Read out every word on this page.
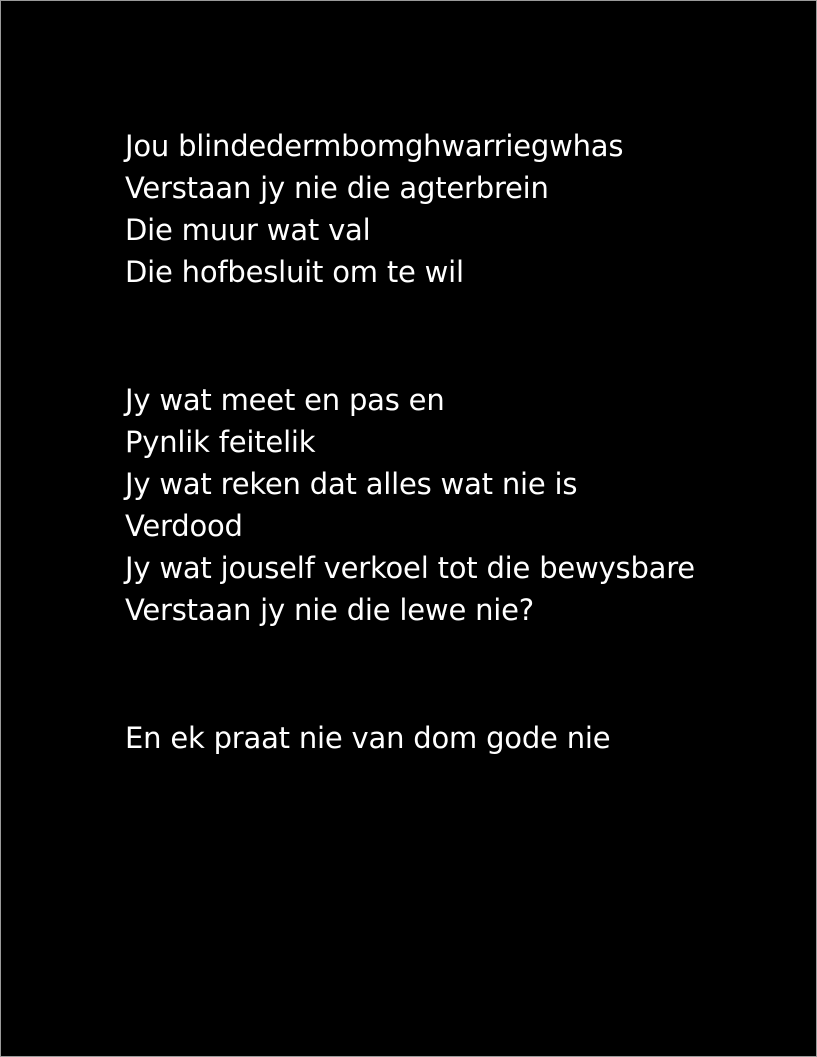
Jou blindedermbomghwarriegwhas
Verstaan jy nie die agterbrein
Die muur wat val
Die hofbesluit om te wil

Jy wat meet en pas en
Pynlik feitelik
Jy wat reken dat alles wat nie is
Verdood
Jy wat jouself verkoel tot die bewysbare
Verstaan jy nie die lewe nie?

En ek praat nie van dom gode nie
